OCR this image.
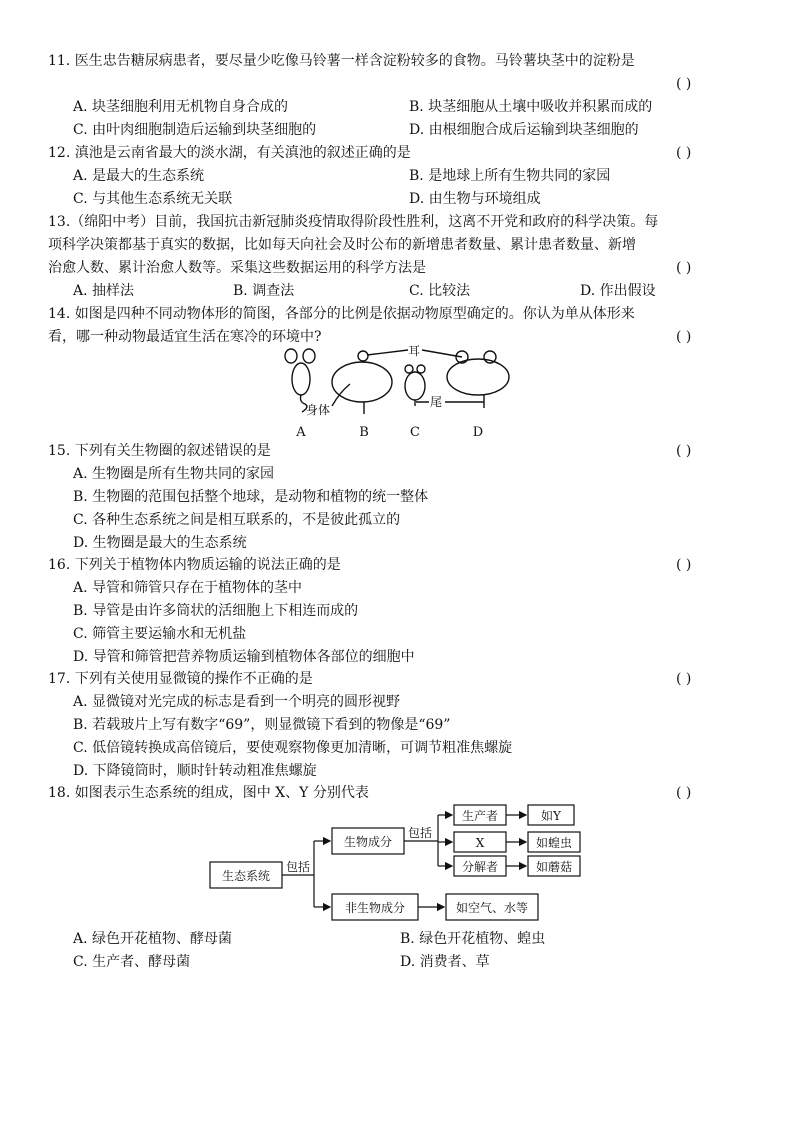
11. 医生忠告糖尿病患者，要尽量少吃像马铃薯一样含淀粉较多的食物。马铃薯块茎中的淀粉是
( )
A. 块茎细胞利用无机物自身合成的	B. 块茎细胞从土壤中吸收并积累而成的
C. 由叶肉细胞制造后运输到块茎细胞的	D. 由根细胞合成后运输到块茎细胞的
12. 滇池是云南省最大的淡水湖，有关滇池的叙述正确的是	( )
A. 是最大的生态系统	B. 是地球上所有生物共同的家园
C. 与其他生态系统无关联	D. 由生物与环境组成
13.（绵阳中考）目前，我国抗击新冠肺炎疫情取得阶段性胜利，这离不开党和政府的科学决策。每
项科学决策都基于真实的数据，比如每天向社会及时公布的新增患者数量、累计患者数量、新增
治愈人数、累计治愈人数等。采集这些数据运用的科学方法是	( )
A. 抽样法	B. 调查法	C. 比较法	D. 作出假设
14. 如图是四种不同动物体形的简图，各部分的比例是依据动物原型确定的。你认为单从体形来
看，哪一种动物最适宜生活在寒冷的环境中?	( )
耳
身体
尾
A	B	C	D
15. 下列有关生物圈的叙述错误的是	( )
A. 生物圈是所有生物共同的家园
B. 生物圈的范围包括整个地球，是动物和植物的统一整体
C. 各种生态系统之间是相互联系的，不是彼此孤立的
D. 生物圈是最大的生态系统
16. 下列关于植物体内物质运输的说法正确的是	( )
A. 导管和筛管只存在于植物体的茎中
B. 导管是由许多筒状的活细胞上下相连而成的
C. 筛管主要运输水和无机盐
D. 导管和筛管把营养物质运输到植物体各部位的细胞中
17. 下列有关使用显微镜的操作不正确的是	( )
A. 显微镜对光完成的标志是看到一个明亮的圆形视野
B. 若载玻片上写有数字“69”，则显微镜下看到的物像是“69”
C. 低倍镜转换成高倍镜后，要使观察物像更加清晰，可调节粗准焦螺旋
D. 下降镜筒时，顺时针转动粗准焦螺旋
18. 如图表示生态系统的组成，图中 X、Y 分别代表	( )
生态系统
包括
生物成分
包括
非生物成分
生产者
X
分解者
如Y
如蝗虫
如蘑菇
如空气、水等
A. 绿色开花植物、酵母菌	B. 绿色开花植物、蝗虫
C. 生产者、酵母菌	D. 消费者、草
